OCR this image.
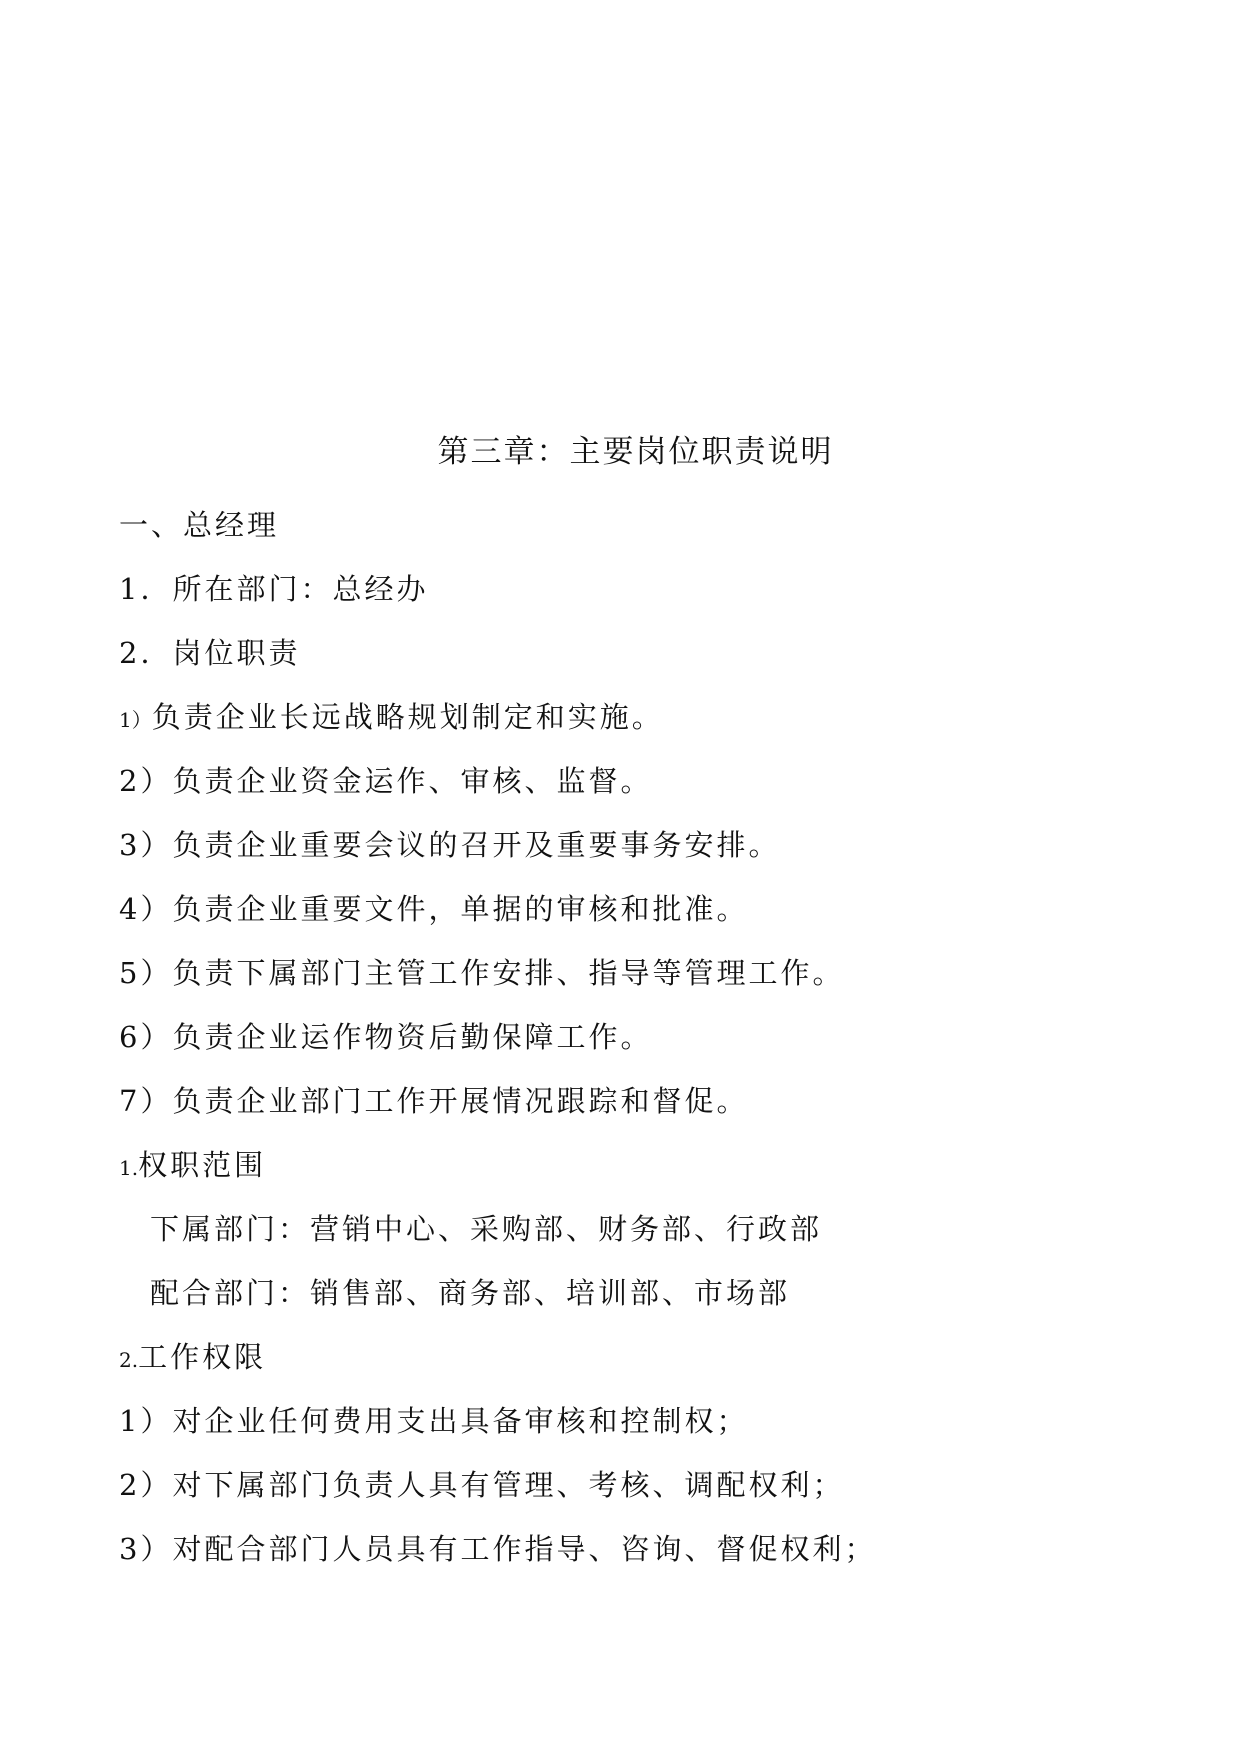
第三章：主要岗位职责说明
一、总经理
1．所在部门：总经办
2．岗位职责
1）负责企业长远战略规划制定和实施。
2）负责企业资金运作、审核、监督。
3）负责企业重要会议的召开及重要事务安排。
4）负责企业重要文件，单据的审核和批准。
5）负责下属部门主管工作安排、指导等管理工作。
6）负责企业运作物资后勤保障工作。
7）负责企业部门工作开展情况跟踪和督促。
1.权职范围
下属部门：营销中心、采购部、财务部、行政部
配合部门：销售部、商务部、培训部、市场部
2.工作权限
1）对企业任何费用支出具备审核和控制权；
2）对下属部门负责人具有管理、考核、调配权利；
3）对配合部门人员具有工作指导、咨询、督促权利；
